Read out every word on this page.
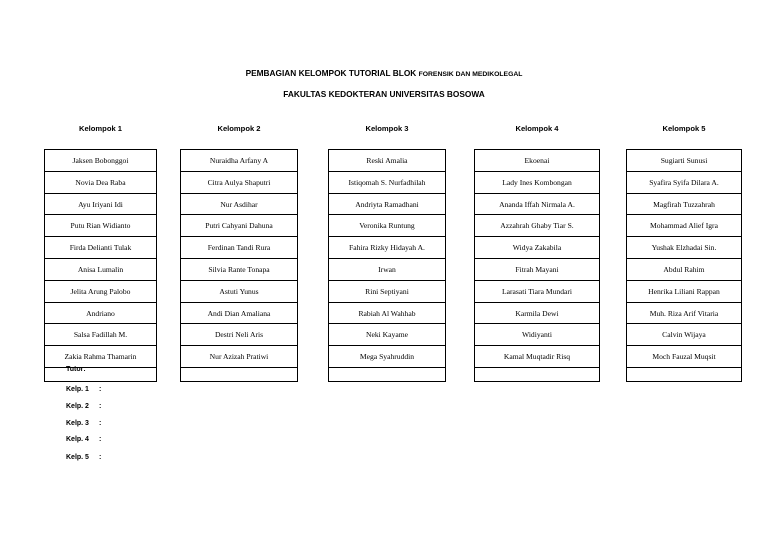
PEMBAGIAN KELOMPOK TUTORIAL BLOK FORENSIK DAN MEDIKOLEGAL
FAKULTAS KEDOKTERAN UNIVERSITAS BOSOWA
Kelompok 1
Jaksen Bobonggoi
Novia Dea Raba
Ayu Iriyani Idi
Putu Rian Widianto
Firda Delianti Tulak
Anisa Lumalin
Jelita Arung Palobo
Andriano
Salsa Fadillah M.
Zakia Rahma Thamarin
Kelompok 2
Nuraidha Arfany A
Citra Aulya Shaputri
Nur Asdihar
Putri Cahyani Dahuna
Ferdinan Tandi Rura
Silvia Rante Tonapa
Astuti Yunus
Andi Dian Amaliana
Destri Neli Aris
Nur Azizah Pratiwi
Kelompok 3
Reski Amalia
Istiqomah S. Nurfadhilah
Andriyta Ramadhani
Veronika Runtung
Fahira Rizky Hidayah A.
Irwan
Rini Septiyani
Rabiah Al Wahhab
Neki Kayame
Mega Syahruddin
Kelompok 4
Ekoenai
Lady Ines Kombongan
Ananda Iffah Nirmala A.
Azzahrah Ghaby Tiar S.
Widya Zakabila
Fitrah Mayani
Larasati Tiara Mundari
Karmila Dewi
Widiyanti
Kamal Muqtadir Risq
Kelompok 5
Sugiarti Sunusi
Syafira Syifa Dilara A.
Magfirah Tuzzahrah
Mohammad Alief Igra
Yushak Elzhadai Sin.
Abdul Rahim
Henrika Liliani Rappan
Muh. Riza Arif Vitaria
Calvin Wijaya
Moch Fauzal Muqsit
Tutor:
Kelp. 1 :
Kelp. 2 :
Kelp. 3 :
Kelp. 4 :
Kelp. 5 :
